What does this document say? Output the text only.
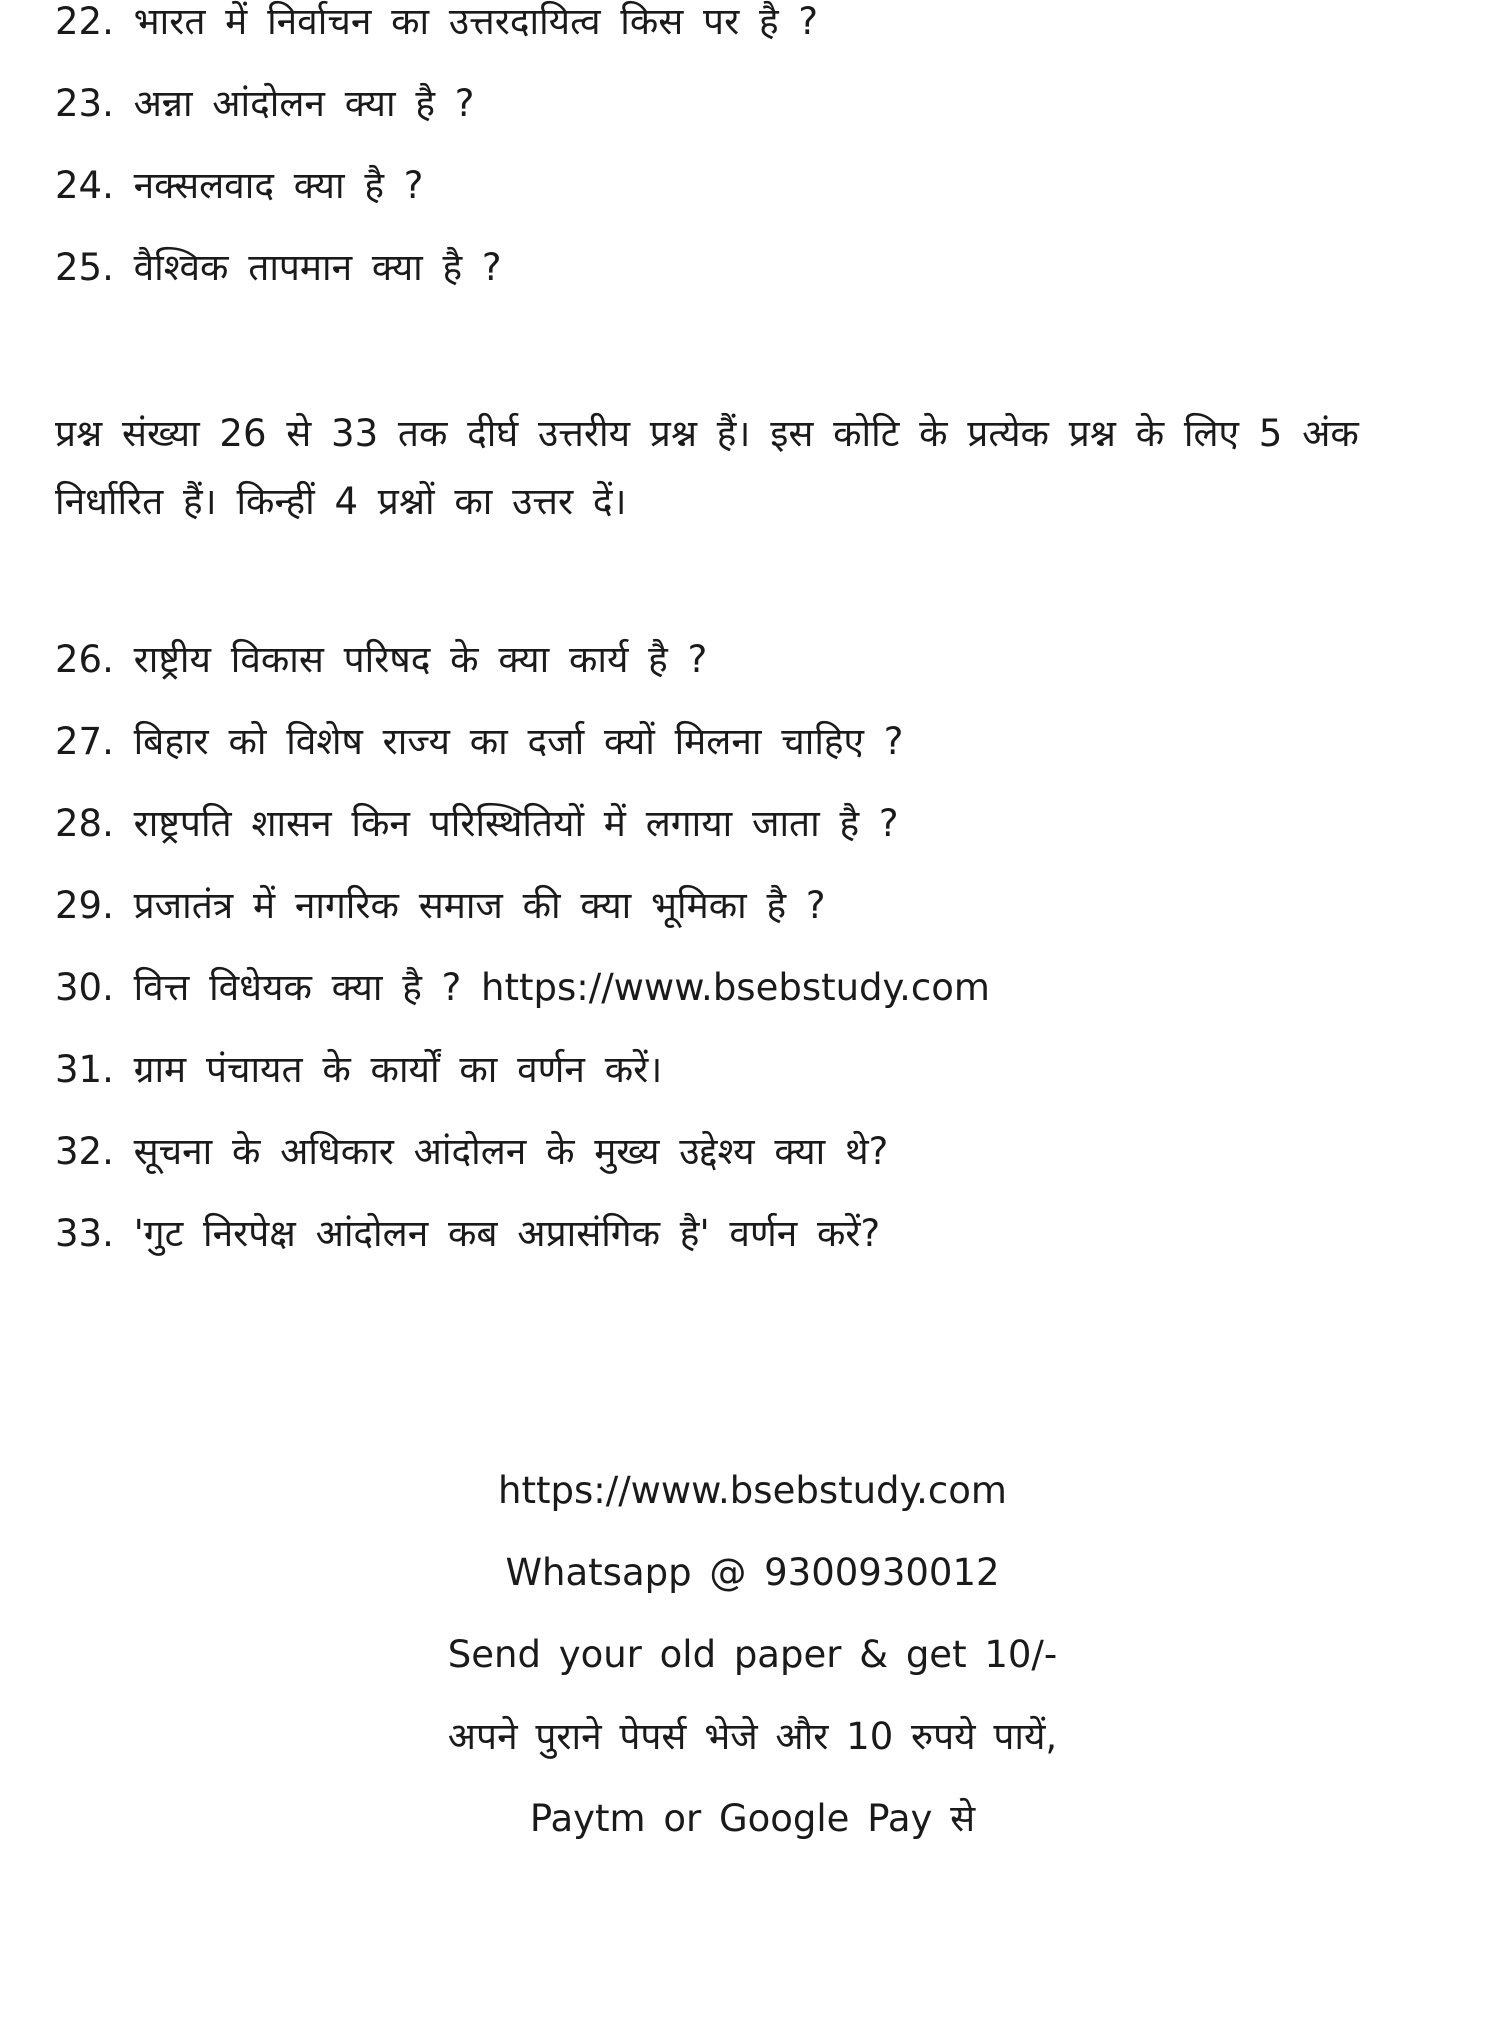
22. भारत में निर्वाचन का उत्तरदायित्व किस पर है ?
23. अन्ना आंदोलन क्या है ?
24. नक्सलवाद क्या है ?
25. वैश्विक तापमान क्या है ?
प्रश्न संख्या 26 से 33 तक दीर्घ उत्तरीय प्रश्न हैं। इस कोटि के प्रत्येक प्रश्न के लिए 5 अंक निर्धारित हैं। किन्हीं 4 प्रश्नों का उत्तर दें।
26. राष्ट्रीय विकास परिषद के क्या कार्य है ?
27. बिहार को विशेष राज्य का दर्जा क्यों मिलना चाहिए ?
28. राष्ट्रपति शासन किन परिस्थितियों में लगाया जाता है ?
29. प्रजातंत्र में नागरिक समाज की क्या भूमिका है ?
30. वित्त विधेयक क्या है ? https://www.bsebstudy.com
31. ग्राम पंचायत के कार्यों का वर्णन करें।
32. सूचना के अधिकार आंदोलन के मुख्य उद्देश्य क्या थे?
33. 'गुट निरपेक्ष आंदोलन कब अप्रासंगिक है' वर्णन करें?
https://www.bsebstudy.com
Whatsapp @ 9300930012
Send your old paper & get 10/-
अपने पुराने पेपर्स भेजे और 10 रुपये पायें,
Paytm or Google Pay से
